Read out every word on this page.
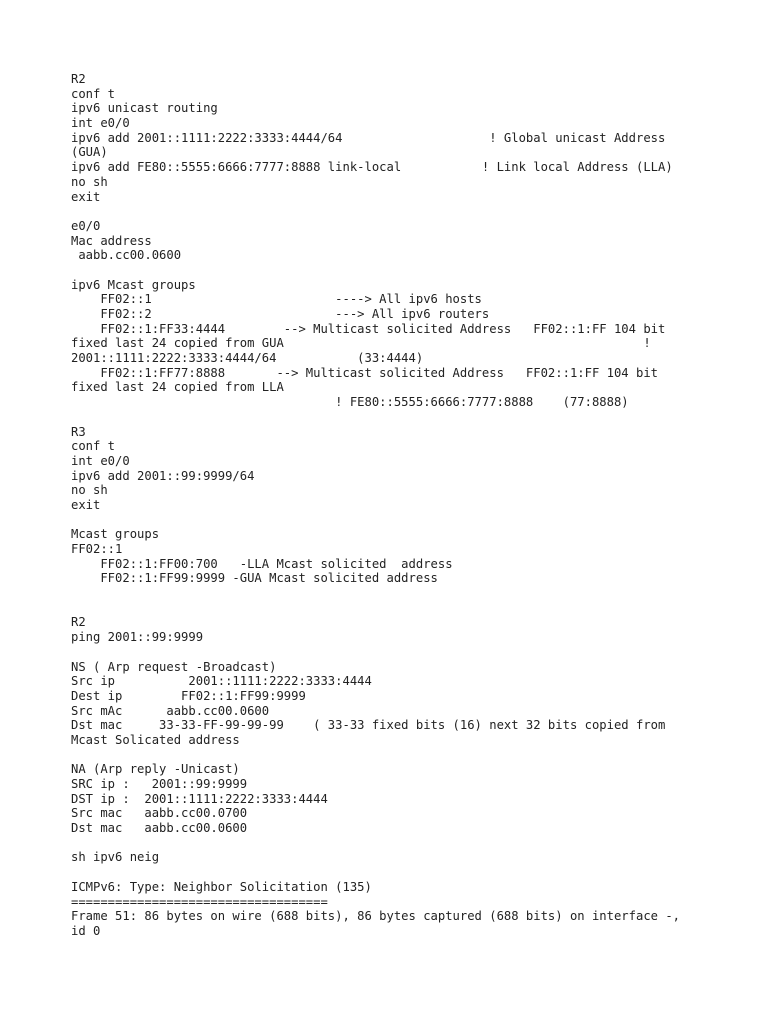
R2
conf t
ipv6 unicast routing
int e0/0
ipv6 add 2001::1111:2222:3333:4444/64                    ! Global unicast Address
(GUA)
ipv6 add FE80::5555:6666:7777:8888 link-local           ! Link local Address (LLA)
no sh
exit
e0/0
Mac address
aabb.cc00.0600
ipv6 Mcast groups
FF02::1                         ----> All ipv6 hosts
FF02::2                         ---> All ipv6 routers
FF02::1:FF33:4444        --> Multicast solicited Address   FF02::1:FF 104 bit
fixed last 24 copied from GUA                                                 !
2001::1111:2222:3333:4444/64           (33:4444)
FF02::1:FF77:8888       --> Multicast solicited Address   FF02::1:FF 104 bit
fixed last 24 copied from LLA
! FE80::5555:6666:7777:8888    (77:8888)
R3
conf t
int e0/0
ipv6 add 2001::99:9999/64
no sh
exit
Mcast groups
FF02::1
FF02::1:FF00:700   -LLA Mcast solicited  address
FF02::1:FF99:9999 -GUA Mcast solicited address
R2
ping 2001::99:9999
NS ( Arp request -Broadcast)
Src ip          2001::1111:2222:3333:4444
Dest ip        FF02::1:FF99:9999
Src mAc      aabb.cc00.0600
Dst mac     33-33-FF-99-99-99    ( 33-33 fixed bits (16) next 32 bits copied from
Mcast Solicated address
NA (Arp reply -Unicast)
SRC ip :   2001::99:9999
DST ip :  2001::1111:2222:3333:4444
Src mac   aabb.cc00.0700
Dst mac   aabb.cc00.0600
sh ipv6 neig
ICMPv6: Type: Neighbor Solicitation (135)
===================================
Frame 51: 86 bytes on wire (688 bits), 86 bytes captured (688 bits) on interface -,
id 0
